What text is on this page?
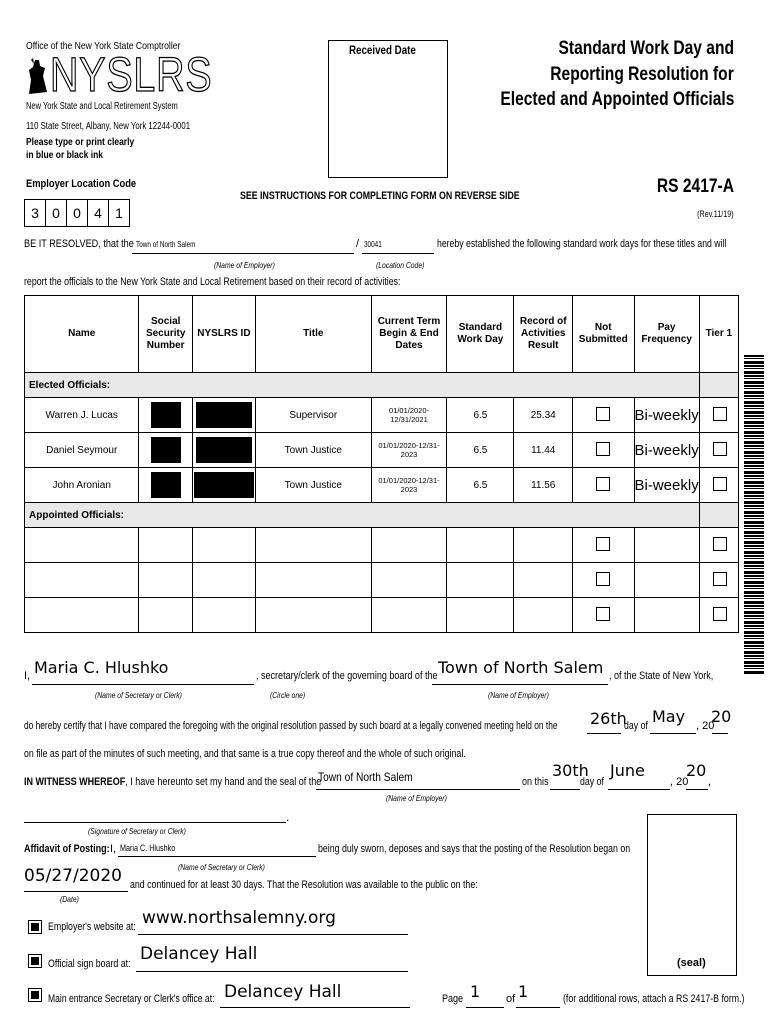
Office of the New York State Comptroller
NYSLRS
New York State and Local Retirement System
110 State Street, Albany, New York 12244-0001
Please type or print clearly
in blue or black ink
Received Date	Standard Work Day and
Reporting Resolution for
Elected and Appointed Officials
Employer Location Code
3 0 0 4 1
SEE INSTRUCTIONS FOR COMPLETING FORM ON REVERSE SIDE	RS 2417-A
(Rev.11/19)
BE IT RESOLVED, that the Town of North Salem	/ 30041	hereby established the following standard work days for these titles and will
(Name of Employer)	(Location Code)
report the officials to the New York State and Local Retirement based on their record of activities:
Name	Social Security Number	NYSLRS ID	Title	Current Term Begin & End Dates	Standard Work Day	Record of Activities Result	Not Submitted	Pay Frequency	Tier 1
Elected Officials:									
Warren J. Lucas			Supervisor	01/01/2020-12/31/2021	6.5	25.34		Bi-weekly	

Daniel Seymour			Town Justice	01/01/2020-12/31-2023	6.5	11.44		Bi-weekly	

John Aronian			Town Justice	01/01/2020-12/31-2023	6.5	11.56		Bi-weekly	

Appointed Officials:									

I, Maria C. Hlushko	, secretary/clerk of the governing board of the Town of North Salem , of the State of New York,
(Name of Secretary or Clerk)	(Circle one)	(Name of Employer)
do hereby certify that I have compared the foregoing with the original resolution passed by such board at a legally convened meeting held on the 26th
day of May , 20
20
on file as part of the minutes of such meeting, and that same is a true copy thereof and the whole of such original.
IN WITNESS WHEREOF, I have hereunto set my hand and the seal of the
Town of North Salem	on this
30th
day of
June
, 20
20
,
(Name of Employer)
.
(Signature of Secretary or Clerk)
Affidavit of Posting: I, Maria C. Hlushko	being duly sworn, deposes and says that the posting of the Resolution began on
(Name of Secretary or Clerk)
05/27/2020 and continued for at least 30 days. That the Resolution was available to the public on the:
(Date)
Employer's website at: www.northsalemny.org
Official sign board at: Delancey Hall
Main entrance Secretary or Clerk's office at: Delancey Hall	Page 1 of 1	(for additional rows, attach a RS 2417-B form.)
(seal)
